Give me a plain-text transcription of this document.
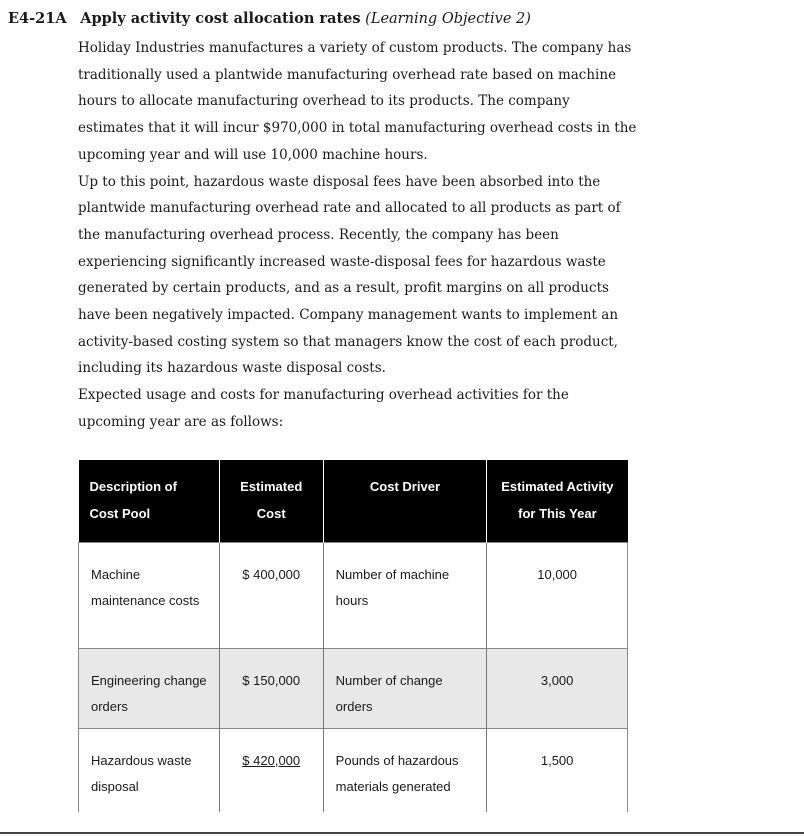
E4-21A Apply activity cost allocation rates (Learning Objective 2)

Holiday Industries manufactures a variety of custom products. The company has traditionally used a plantwide manufacturing overhead rate based on machine hours to allocate manufacturing overhead to its products. The company estimates that it will incur $970,000 in total manufacturing overhead costs in the upcoming year and will use 10,000 machine hours.

Up to this point, hazardous waste disposal fees have been absorbed into the plantwide manufacturing overhead rate and allocated to all products as part of the manufacturing overhead process. Recently, the company has been experiencing significantly increased waste-disposal fees for hazardous waste generated by certain products, and as a result, profit margins on all products have been negatively impacted. Company management wants to implement an activity-based costing system so that managers know the cost of each product, including its hazardous waste disposal costs.

Expected usage and costs for manufacturing overhead activities for the upcoming year are as follows:

Description of Cost Pool	Estimated Cost	Cost Driver	Estimated Activity for This Year
Machine maintenance costs	$ 400,000	Number of machine hours	10,000
Engineering change orders	$ 150,000	Number of change orders	3,000
Hazardous waste disposal	$ 420,000	Pounds of hazardous materials generated	1,500
